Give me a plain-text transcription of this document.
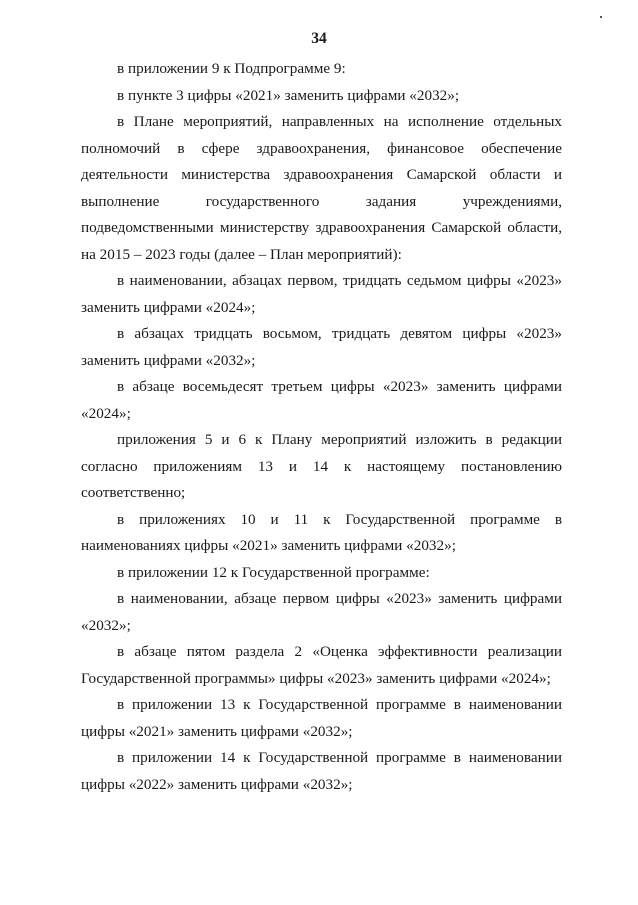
34

в приложении 9 к Подпрограмме 9:

в пункте 3 цифры «2021» заменить цифрами «2032»;

в Плане мероприятий, направленных на исполнение отдельных полномочий в сфере здравоохранения, финансовое обеспечение деятельности министерства здравоохранения Самарской области и выполнение государственного задания учреждениями, подведомственными министерству здравоохранения Самарской области, на 2015 – 2023 годы (далее – План мероприятий):

в наименовании, абзацах первом, тридцать седьмом цифры «2023» заменить цифрами «2024»;

в абзацах тридцать восьмом, тридцать девятом цифры «2023» заменить цифрами «2032»;

в абзаце восемьдесят третьем цифры «2023» заменить цифрами «2024»;

приложения 5 и 6 к Плану мероприятий изложить в редакции согласно приложениям 13 и 14 к настоящему постановлению соответственно;

в приложениях 10 и 11 к Государственной программе в наименованиях цифры «2021» заменить цифрами «2032»;

в приложении 12 к Государственной программе:

в наименовании, абзаце первом цифры «2023» заменить цифрами «2032»;

в абзаце пятом раздела 2 «Оценка эффективности реализации Государственной программы» цифры «2023» заменить цифрами «2024»;

в приложении 13 к Государственной программе в наименовании цифры «2021» заменить цифрами «2032»;

в приложении 14 к Государственной программе в наименовании цифры «2022» заменить цифрами «2032»;
